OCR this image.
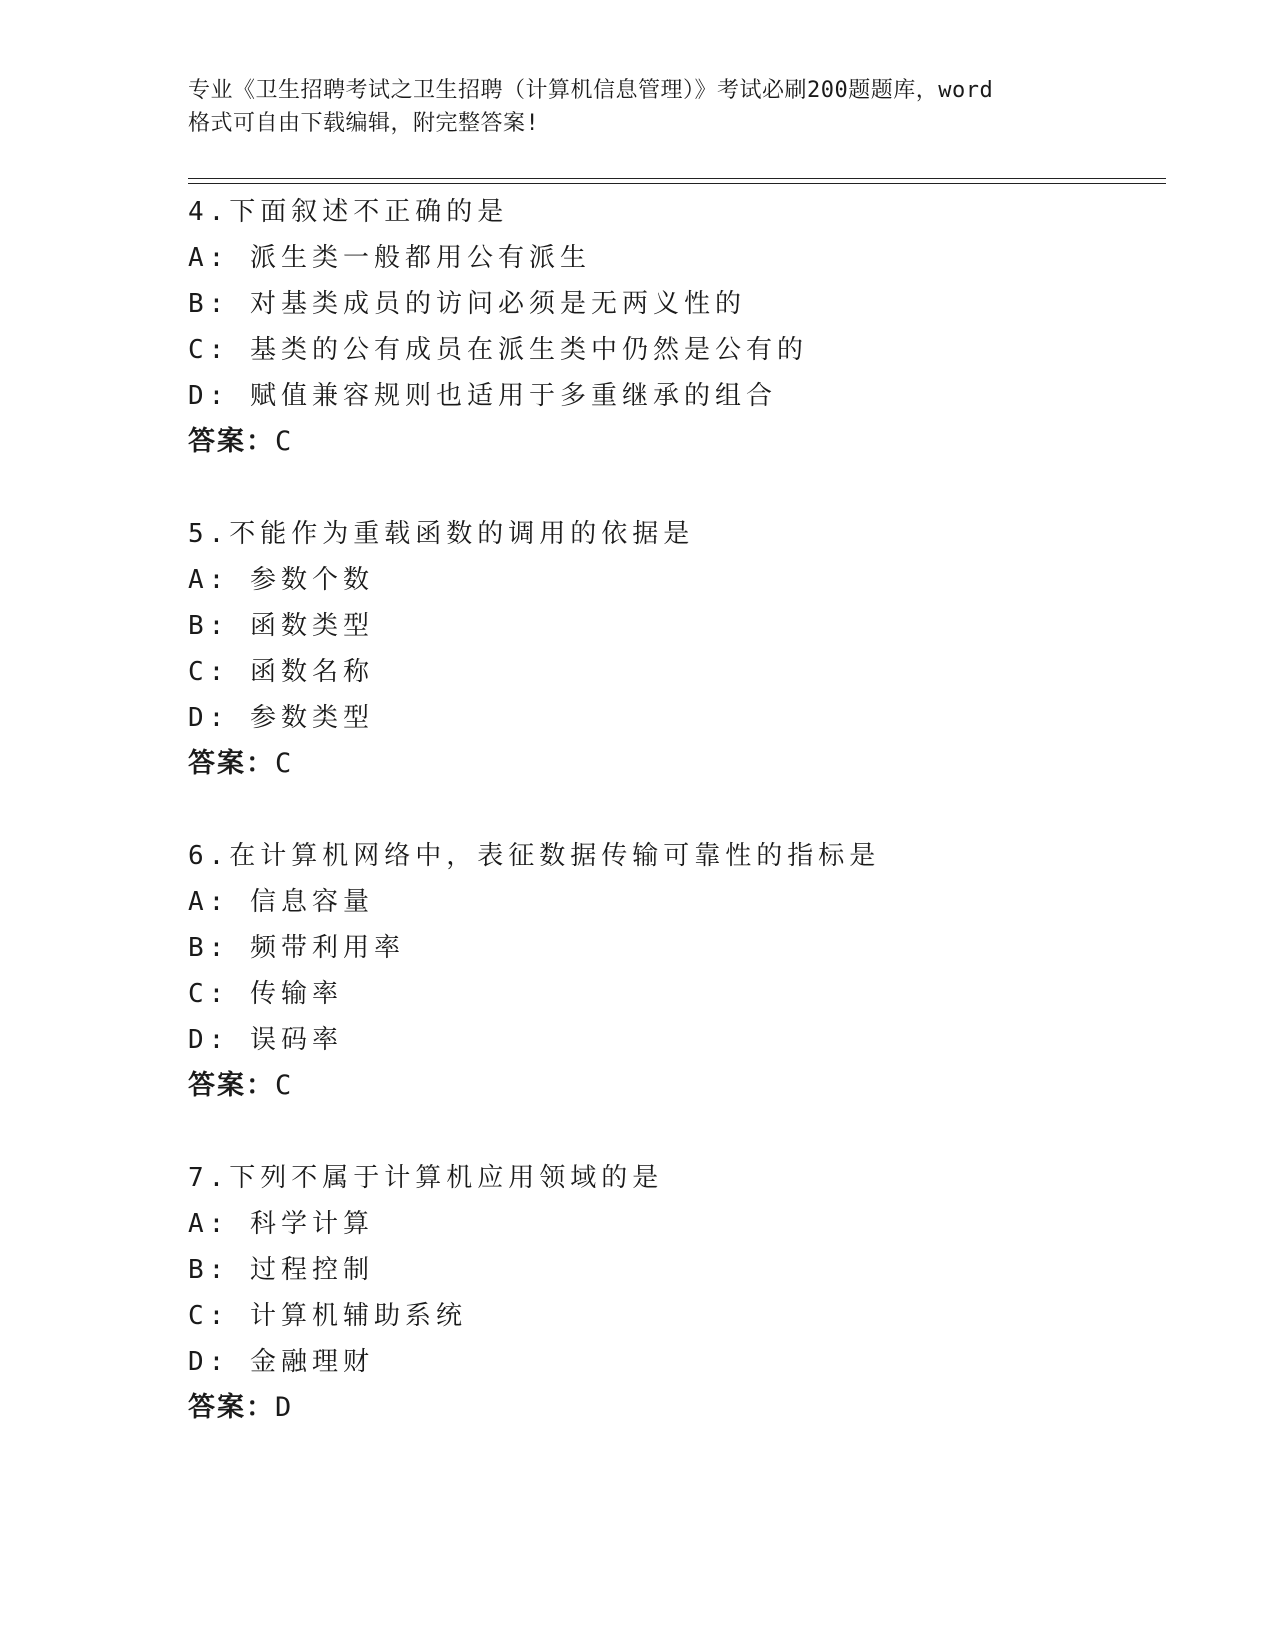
专业《卫生招聘考试之卫生招聘（计算机信息管理）》考试必刷200题题库，word
格式可自由下载编辑，附完整答案!
4.下面叙述不正确的是
A: 派生类一般都用公有派生
B: 对基类成员的访问必须是无两义性的
C: 基类的公有成员在派生类中仍然是公有的
D: 赋值兼容规则也适用于多重继承的组合
答案：C
5.不能作为重载函数的调用的依据是
A: 参数个数
B: 函数类型
C: 函数名称
D: 参数类型
答案：C
6.在计算机网络中，表征数据传输可靠性的指标是
A: 信息容量
B: 频带利用率
C: 传输率
D: 误码率
答案：C
7.下列不属于计算机应用领域的是
A: 科学计算
B: 过程控制
C: 计算机辅助系统
D: 金融理财
答案：D
